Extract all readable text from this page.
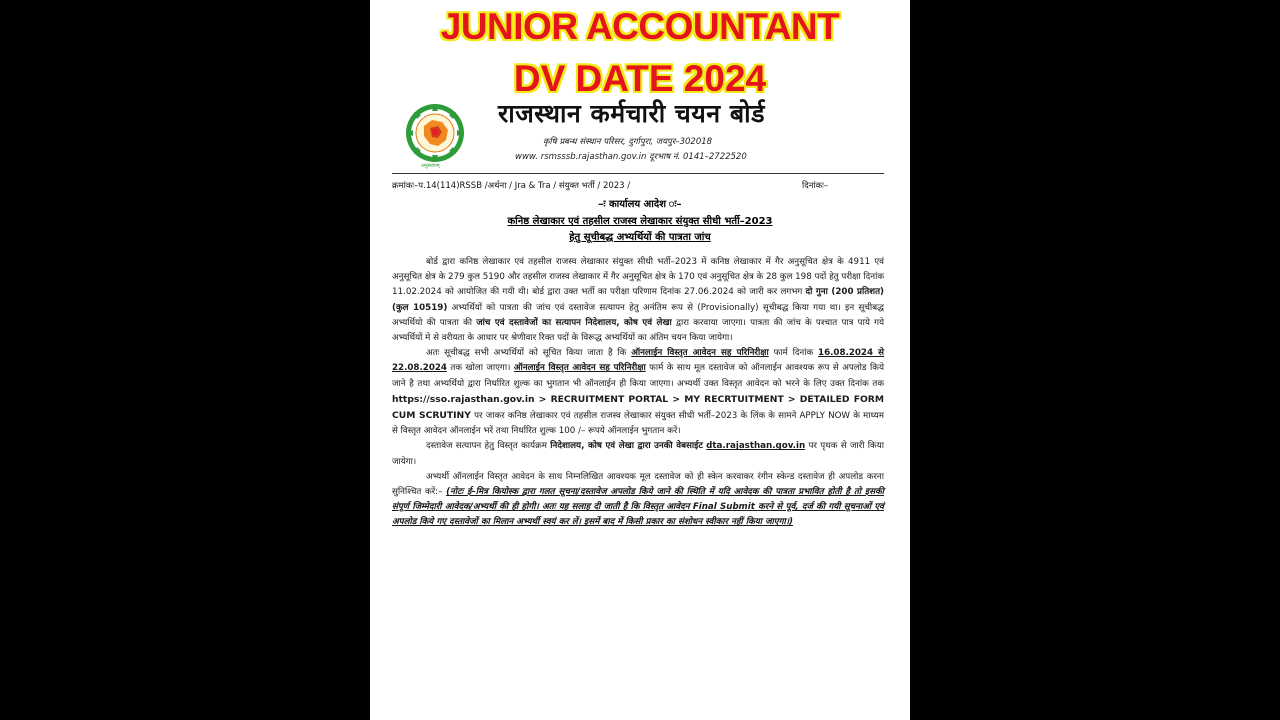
JUNIOR ACCOUNTANT
DV DATE 2024
अनुसरणम्
राजस्थान कर्मचारी चयन बोर्ड
कृषि प्रबन्ध संस्थान परिसर, दुर्गापुरा, जयपुर–302018
www. rsmsssb.rajasthan.gov.in दूरभाष नं. 0141–2722520
क्रमांकः–प.14(114)RSSB /अर्थना / Jra & Tra / संयुक्त भर्ती / 2023 /	दिनांकः–
–ः कार्यालय आदेश ः–
कनिष्ठ लेखाकार एवं तहसील राजस्व लेखाकार संयुक्त सीधी भर्ती–2023
हेतु सूचीबद्ध अभ्यर्थियों की पात्रता जांच

बोर्ड द्वारा कनिष्ठ लेखाकार एवं तहसील राजस्व लेखाकार संयुक्त सीधी भर्ती–2023 में कनिष्ठ लेखाकार में गैर अनुसूचित क्षेत्र के 4911 एवं अनुसूचित क्षेत्र के 279 कुल 5190 और तहसील राजस्व लेखाकार में गैर अनुसूचित क्षेत्र के 170 एवं अनुसूचित क्षेत्र के 28 कुल 198 पदों हेतु परीक्षा दिनांक 11.02.2024 को आयोजित की गयी थी। बोर्ड द्वारा उक्त भर्ती का परीक्षा परिणाम दिनांक 27.06.2024 को जारी कर लगभग दो गुना (200 प्रतिशत) (कुल 10519) अभ्यर्थियों को पात्रता की जांच एवं दस्तावेज सत्यापन हेतु अनंतिम रूप से (Provisionally) सूचीबद्ध किया गया था। इन सूचीबद्ध अभ्यर्थियो की पात्रता की जांच एवं दस्तावेजों का सत्यापन निदेशालय, कोष एवं लेखा द्वारा करवाया जाएगा। पात्रता की जांच के पश्चात पात्र पाये गये अभ्यर्थियों मे से वरीयता के आधार पर श्रेणीवार रिक्त पदों के विरूद्ध अभ्यर्थियों का अंतिम चयन किया जायेगा।

अतः सूचीबद्ध सभी अभ्यर्थियों को सूचित किया जाता है कि ऑनलाईन विस्तृत आवेदन सह परिनिरीक्षा फार्म दिनांक 16.08.2024 से 22.08.2024 तक खोला जाएगा। ऑनलाईन विस्तृत आवेदन सह परिनिरीक्षा फार्म के साथ मूल दस्तावेज को ऑनलाईन आवश्यक रूप से अपलोड किये जाने है तथा अभ्यर्थियो द्वारा निर्धारित शुल्क का भुगतान भी ऑनलाईन ही किया जाएगा। अभ्यर्थी उक्त विस्तृत आवेदन को भरने के लिए उक्त दिनांक तक https://sso.rajasthan.gov.in > RECRUITMENT PORTAL > MY RECRTUITMENT > DETAILED FORM CUM SCRUTINY पर जाकर कनिष्ठ लेखाकार एवं तहसील राजस्व लेखाकार संयुक्त सीधी भर्ती–2023 के लिंक के सामने APPLY NOW के माध्यम से विस्तृत आवेदन ऑनलाईन भरें तथा निर्धारित शुल्क 100 /– रूपये ऑनलाईन भुगतान करें।

दस्तावेज सत्यापन हेतु विस्तृत कार्यक्रम निदेशालय, कोष एवं लेखा द्वारा उनकी वेबसाईट dta.rajasthan.gov.in पर पृथक से जारी किया जायेगा।

अभ्यर्थी ऑनलाईन विस्तृत आवेदन के साथ निम्नलिखित आवश्यक मूल दस्तावेज को ही स्केन करवाकर रंगीन स्केन्ड दस्तावेज ही अपलोड करना सुनिश्चित करें:– (नोटः ई–मित्र कियोस्क द्वारा गलत सूचना/दस्तावेज अपलोड किये जाने की स्थिति में यदि आवेदक की पात्रता प्रभावित होती है तो इसकी संपूर्ण जिम्मेदारी आवेदक/अभ्यर्थी की ही होगी। अतः यह सलाह दी जाती है कि विस्तृत आवेदन Final Submit करने से पूर्व, दर्ज की गयी सूचनाओं एवं अपलोड किये गए दस्तावेजों का मिलान अभ्यर्थी स्वयं कर लें। इसमें बाद में किसी प्रकार का संशोधन स्वीकार नहीं किया जाएगा।)
